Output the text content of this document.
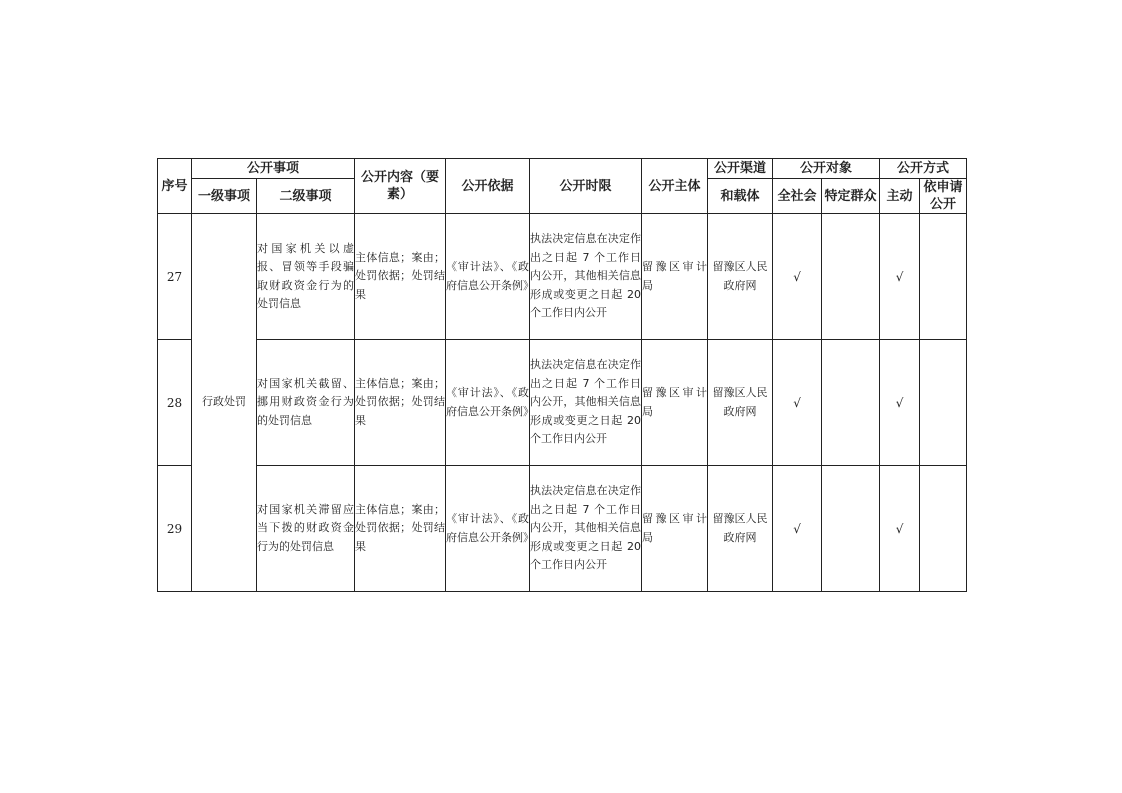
序号	公开事项		公开内容（要素）	公开依据	公开时限	公开主体	公开渠道	公开对象		公开方式	
	一级事项	二级事项					和载体	全社会	特定群众	主动	依申请公开
27	行政处罚	对国家机关以虚报、冒领等手段骗取财政资金行为的处罚信息	主体信息；案由；处罚依据；处罚结果	《审计法》、《政府信息公开条例》	执法决定信息在决定作出之日起 7 个工作日内公开，其他相关信息形成或变更之日起 20 个工作日内公开	留豫区审计局	留豫区人民政府网	√		√	
28		对国家机关截留、挪用财政资金行为的处罚信息	主体信息；案由；处罚依据；处罚结果	《审计法》、《政府信息公开条例》	执法决定信息在决定作出之日起 7 个工作日内公开，其他相关信息形成或变更之日起 20 个工作日内公开	留豫区审计局	留豫区人民政府网	√		√	
29		对国家机关滞留应当下拨的财政资金行为的处罚信息	主体信息；案由；处罚依据；处罚结果	《审计法》、《政府信息公开条例》	执法决定信息在决定作出之日起 7 个工作日内公开，其他相关信息形成或变更之日起 20 个工作日内公开	留豫区审计局	留豫区人民政府网	√		√	
